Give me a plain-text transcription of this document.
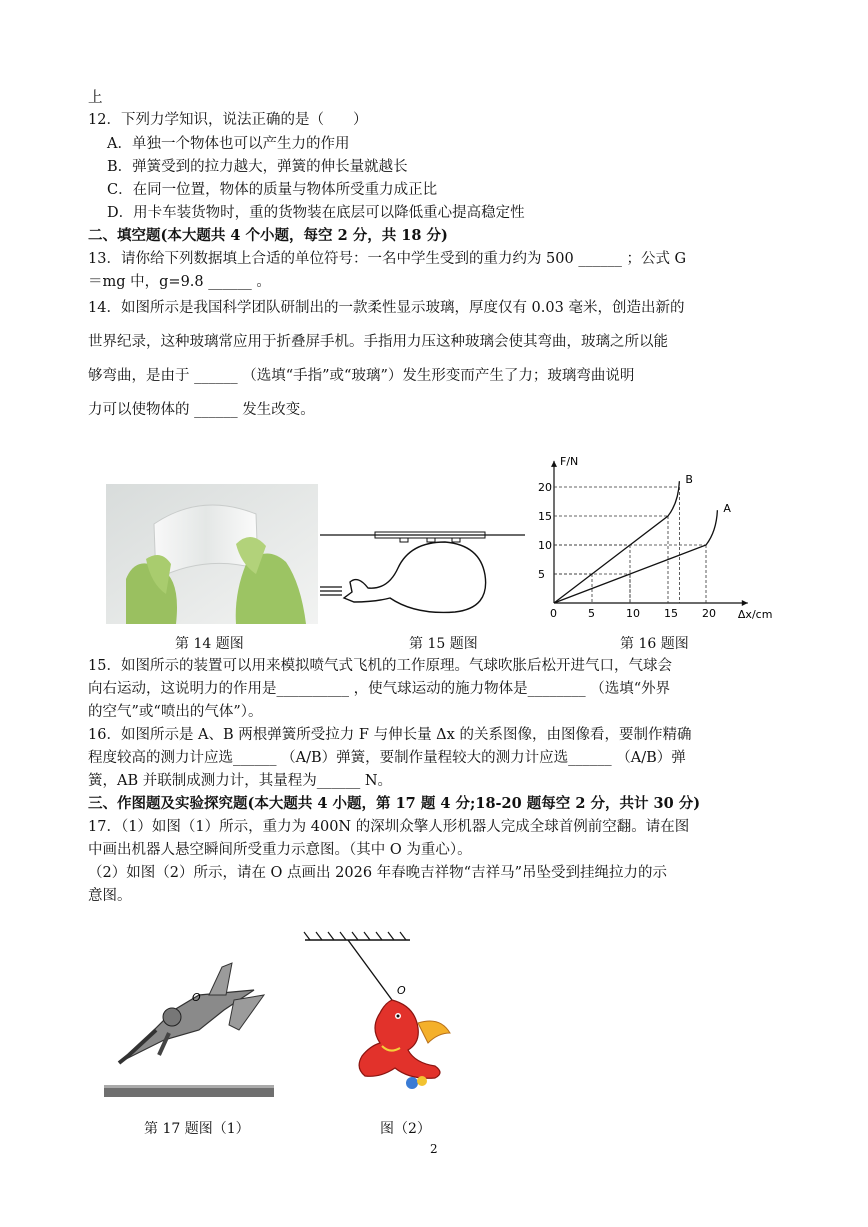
上
12．下列力学知识，说法正确的是（　　）
A．单独一个物体也可以产生力的作用
B．弹簧受到的拉力越大，弹簧的伸长量就越长
C．在同一位置，物体的质量与物体所受重力成正比
D．用卡车装货物时，重的货物装在底层可以降低重心提高稳定性
二、填空题(本大题共 4 个小题，每空 2 分，共 18 分)
13．请你给下列数据填上合适的单位符号：一名中学生受到的重力约为 500 ______ ；公式 G
＝mg 中，g=9.8 ______ 。
14．如图所示是我国科学团队研制出的一款柔性显示玻璃，厚度仅有 0.03 毫米，创造出新的
世界纪录，这种玻璃常应用于折叠屏手机。手指用力压这种玻璃会使其弯曲，玻璃之所以能
够弯曲，是由于 ______ （选填“手指”或“玻璃”）发生形变而产生了力；玻璃弯曲说明
力可以使物体的 ______ 发生改变。
F/N
Δx/cm
0	5	10 15 20
5
10
15
20
B
A
第 14 题图	第 15 题图	第 16 题图
15．如图所示的装置可以用来模拟喷气式飞机的工作原理。气球吹胀后松开进气口，气球会
向右运动，这说明力的作用是__________ ，使气球运动的施力物体是________ （选填“外界
的空气”或“喷出的气体”）。
16．如图所示是 A、B 两根弹簧所受拉力 F 与伸长量 Δx 的关系图像，由图像看，要制作精确
程度较高的测力计应选______ （A/B）弹簧，要制作量程较大的测力计应选______ （A/B）弹
簧，AB 并联制成测力计，其量程为______ N。
三、作图题及实验探究题(本大题共 4 小题，第 17 题 4 分;18-20 题每空 2 分，共计 30 分)
17．（1）如图（1）所示，重力为 400N 的深圳众擎人形机器人完成全球首例前空翻。请在图
中画出机器人悬空瞬间所受重力示意图。（其中 O 为重心）。
（2）如图（2）所示，请在 O 点画出 2026 年春晚吉祥物“吉祥马”吊坠受到挂绳拉力的示
意图。
O
第 17 题图（1）
O
图（2）
2
